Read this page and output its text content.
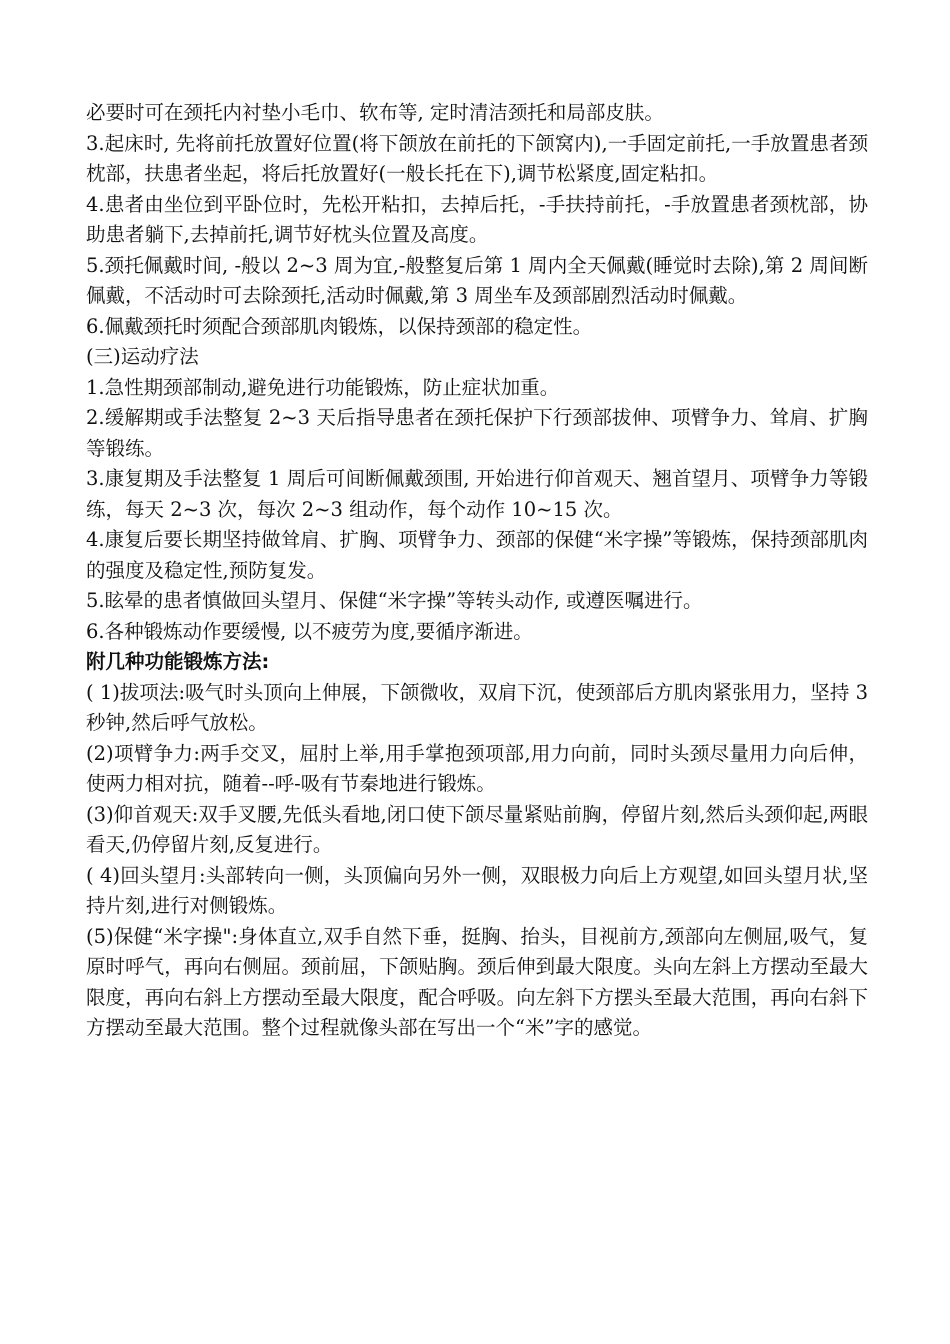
必要时可在颈托内衬垫小毛巾、软布等, 定时清洁颈托和局部皮肤。

3.起床时, 先将前托放置好位置(将下颌放在前托的下颌窝内),一手固定前托,一手放置患者颈枕部，扶患者坐起，将后托放置好(一般长托在下),调节松紧度,固定粘扣。

4.患者由坐位到平卧位时，先松开粘扣，去掉后托，-手扶持前托，-手放置患者颈枕部，协助患者躺下,去掉前托,调节好枕头位置及高度。

5.颈托佩戴时间, -般以 2~3 周为宜,-般整复后第 1 周内全天佩戴(睡觉时去除),第 2 周间断佩戴，不活动时可去除颈托,活动时佩戴,第 3 周坐车及颈部剧烈活动时佩戴。

6.佩戴颈托时须配合颈部肌肉锻炼，以保持颈部的稳定性。

(三)运动疗法

1.急性期颈部制动,避免进行功能锻炼，防止症状加重。

2.缓解期或手法整复 2~3 天后指导患者在颈托保护下行颈部拔伸、项臂争力、耸肩、扩胸等锻练。

3.康复期及手法整复 1 周后可间断佩戴颈围, 开始进行仰首观天、翘首望月、项臂争力等锻练，每天 2~3 次，每次 2~3 组动作，每个动作 10~15 次。

4.康复后要长期坚持做耸肩、扩胸、项臂争力、颈部的保健“米字操”等锻炼，保持颈部肌肉的强度及稳定性,预防复发。

5.眩晕的患者慎做回头望月、保健“米字操”等转头动作, 或遵医嘱进行。

6.各种锻炼动作要缓慢, 以不疲劳为度,要循序渐进。

附几种功能锻炼方法:

( 1)拔项法:吸气时头顶向上伸展，下颌微收，双肩下沉，使颈部后方肌肉紧张用力，坚持 3 秒钟,然后呼气放松。

(2)项臂争力:两手交叉，屈肘上举,用手掌抱颈项部,用力向前，同时头颈尽量用力向后伸，使两力相对抗，随着--呼-吸有节秦地进行锻炼。

(3)仰首观天:双手叉腰,先低头看地,闭口使下颌尽量紧贴前胸，停留片刻,然后头颈仰起,两眼看天,仍停留片刻,反复进行。

( 4)回头望月:头部转向一侧，头顶偏向另外一侧，双眼极力向后上方观望,如回头望月状,坚持片刻,进行对侧锻炼。

(5)保健“米字操":身体直立,双手自然下垂，挺胸、抬头，目视前方,颈部向左侧屈,吸气，复原时呼气，再向右侧屈。颈前屈，下颌贴胸。颈后伸到最大限度。头向左斜上方摆动至最大限度，再向右斜上方摆动至最大限度，配合呼吸。向左斜下方摆头至最大范围，再向右斜下方摆动至最大范围。整个过程就像头部在写出一个“米”字的感觉。
